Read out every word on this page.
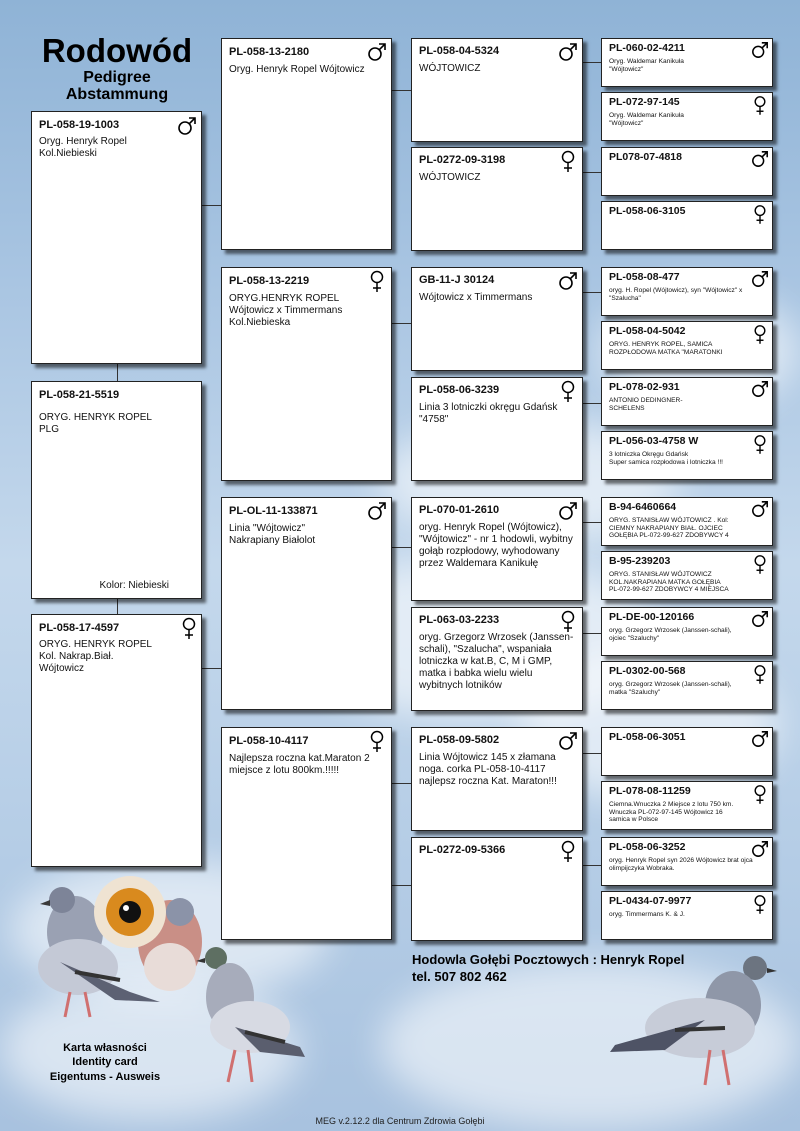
Rodowód
Pedigree
Abstammung
PL-058-19-1003
Oryg. Henryk Ropel
Kol.Niebieski
PL-058-21-5519
ORYG. HENRYK ROPEL
PLG
Kolor: Niebieski
PL-058-17-4597
ORYG. HENRYK ROPEL
Kol. Nakrap.Biał.
Wójtowicz
PL-058-13-2180
Oryg. Henryk Ropel Wójtowicz
PL-058-13-2219
ORYG.HENRYK ROPEL
Wójtowicz x Timmermans
Kol.Niebieska
PL-OL-11-133871
Linia "Wójtowicz"
Nakrapiany Białolot
PL-058-10-4117
Najlepsza roczna kat.Maraton 2 miejsce z lotu 800km.!!!!!
PL-058-04-5324
WÓJTOWICZ
PL-0272-09-3198
WÓJTOWICZ
GB-11-J 30124
Wójtowicz x Timmermans
PL-058-06-3239
Linia 3 lotniczki okręgu Gdańsk "4758"
PL-070-01-2610
oryg. Henryk Ropel (Wójtowicz), "Wójtowicz" - nr 1 hodowli, wybitny gołąb rozpłodowy, wyhodowany przez Waldemara Kanikułę
PL-063-03-2233
oryg. Grzegorz Wrzosek (Janssen-schali), "Szalucha", wspaniała lotniczka w kat.B, C, M i GMP, matka i babka wielu wielu wybitnych lotników
PL-058-09-5802
Linia Wójtowicz 145 x złamana noga. corka PL-058-10-4117 najlepsz roczna Kat. Maraton!!!
PL-0272-09-5366
PL-060-02-4211
Oryg. Waldemar Kanikuła
"Wójtowicz"
PL-072-97-145
Oryg. Waldemar Kanikuła
"Wójtowicz"
PL078-07-4818
PL-058-06-3105
PL-058-08-477
oryg. H. Ropel (Wójtowicz), syn "Wójtowicz" x "Szalucha"
PL-058-04-5042
ORYG. HENRYK ROPEL, SAMICA
ROZPŁODOWA MATKA "MARATONKI
PL-078-02-931
ANTONIO DEDINGNER-
SCHELENS
PL-056-03-4758 W
3 lotniczka Okręgu Gdańsk
Super samica rozpłodowa i lotniczka !!!
B-94-6460664
ORYG. STANISŁAW WÓJTOWICZ . Kol:
CIEMNY NAKRAPIANY BIAŁ. OJCIEC
GOŁĘBIA PL-072-99-627 ZDOBYWCY 4
B-95-239203
ORYG. STANISŁAW WÓJTOWICZ
KOL.NAKRAPIANA MATKA GOŁĘBIA
PL-072-99-627 ZDOBYWCY 4 MIEJSCA
PL-DE-00-120166
oryg. Grzegorz Wrzosek (Janssen-schali),
ojciec "Szaluchy"
PL-0302-00-568
oryg. Grzegorz Wrzosek (Janssen-schali),
matka "Szaluchy"
PL-058-06-3051
PL-078-08-11259
Ciemna.Wnuczka 2 Miejsce z lotu 750 km.
Wnuczka PL-072-97-145 Wójtowicz 16
samica w Polsce
PL-058-06-3252
oryg. Henryk Ropel syn 2026 Wójtowicz brat ojca olimpijczyka Wobraka.
PL-0434-07-9977
oryg. Timmermans K. & J.
Hodowla Gołębi Pocztowych : Henryk Ropel
tel. 507 802 462
Karta własności
Identity card
Eigentums - Ausweis
MEG v.2.12.2 dla Centrum Zdrowia Gołębi
